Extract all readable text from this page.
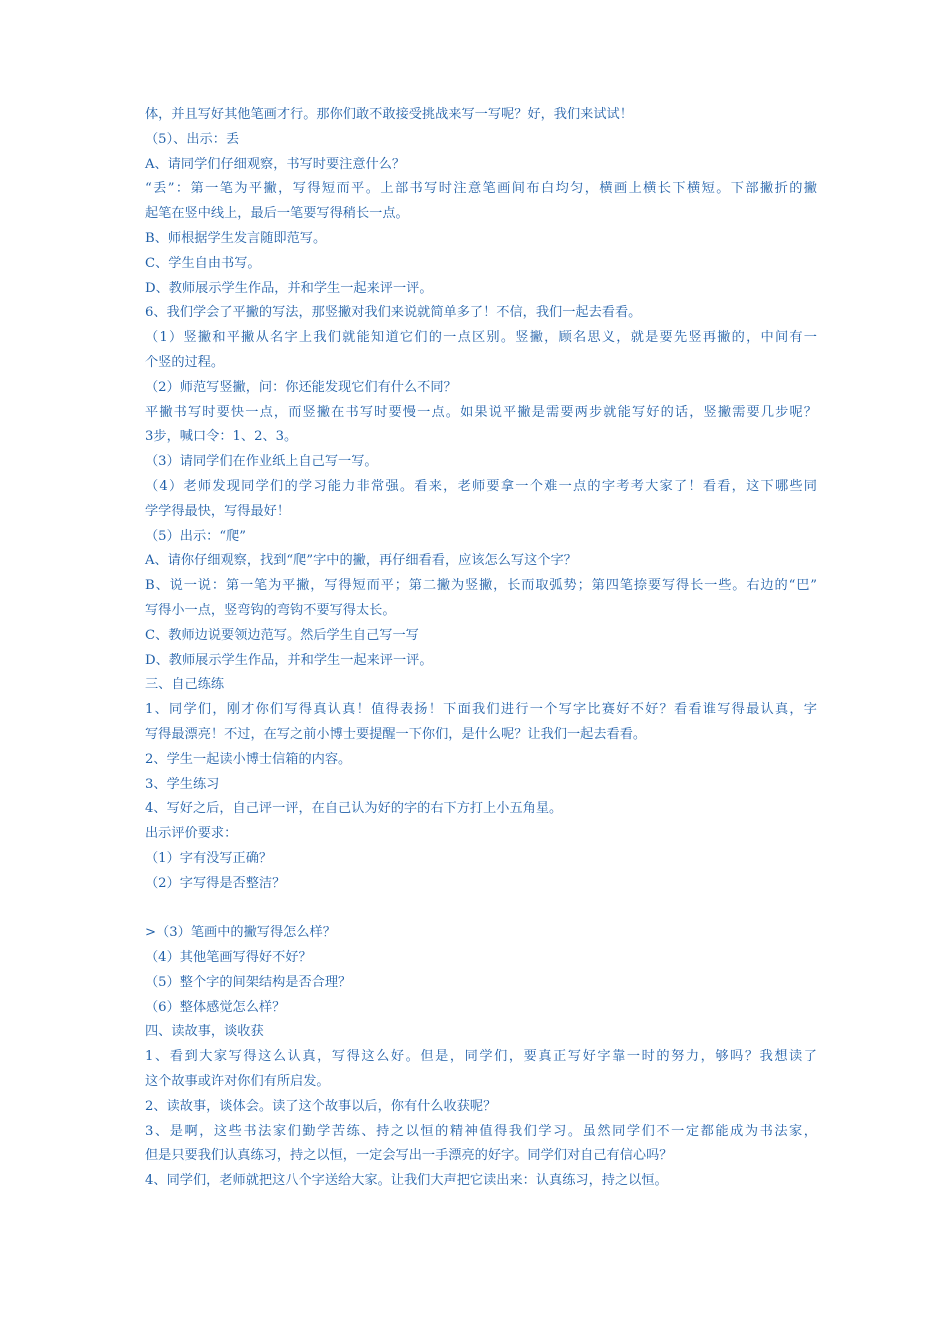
体，并且写好其他笔画才行。那你们敢不敢接受挑战来写一写呢？好，我们来试试！
（5）、出示：丢
A、请同学们仔细观察，书写时要注意什么？
“丢”：第一笔为平撇，写得短而平。上部书写时注意笔画间布白均匀，横画上横长下横短。下部撇折的撇
起笔在竖中线上，最后一笔要写得稍长一点。
B、师根据学生发言随即范写。
C、学生自由书写。
D、教师展示学生作品，并和学生一起来评一评。
6、我们学会了平撇的写法，那竖撇对我们来说就简单多了！不信，我们一起去看看。
（1）竖撇和平撇从名字上我们就能知道它们的一点区别。竖撇，顾名思义，就是要先竖再撇的，中间有一
个竖的过程。
（2）师范写竖撇，问：你还能发现它们有什么不同？
平撇书写时要快一点，而竖撇在书写时要慢一点。如果说平撇是需要两步就能写好的话，竖撇需要几步呢？
3步，喊口令：1、2、3。
（3）请同学们在作业纸上自己写一写。
（4）老师发现同学们的学习能力非常强。看来，老师要拿一个难一点的字考考大家了！看看，这下哪些同
学学得最快，写得最好！
（5）出示：“爬”
A、请你仔细观察，找到“爬”字中的撇，再仔细看看，应该怎么写这个字？
B、说一说：第一笔为平撇，写得短而平；第二撇为竖撇，长而取弧势；第四笔捺要写得长一些。右边的“巴”
写得小一点，竖弯钩的弯钩不要写得太长。
C、教师边说要领边范写。然后学生自己写一写
D、教师展示学生作品，并和学生一起来评一评。
三、自己练练
1、同学们，刚才你们写得真认真！值得表扬！下面我们进行一个写字比赛好不好？看看谁写得最认真，字
写得最漂亮！不过，在写之前小博士要提醒一下你们，是什么呢？让我们一起去看看。
2、学生一起读小博士信箱的内容。
3、学生练习
4、写好之后，自己评一评，在自己认为好的字的右下方打上小五角星。
出示评价要求：
（1）字有没写正确？
（2）字写得是否整洁？
>（3）笔画中的撇写得怎么样？
（4）其他笔画写得好不好？
（5）整个字的间架结构是否合理？
（6）整体感觉怎么样？
四、读故事，谈收获
1、看到大家写得这么认真，写得这么好。但是，同学们，要真正写好字靠一时的努力，够吗？我想读了
这个故事或许对你们有所启发。
2、读故事，谈体会。读了这个故事以后，你有什么收获呢？
3、是啊，这些书法家们勤学苦练、持之以恒的精神值得我们学习。虽然同学们不一定都能成为书法家，
但是只要我们认真练习，持之以恒，一定会写出一手漂亮的好字。同学们对自己有信心吗？
4、同学们，老师就把这八个字送给大家。让我们大声把它读出来：认真练习，持之以恒。
